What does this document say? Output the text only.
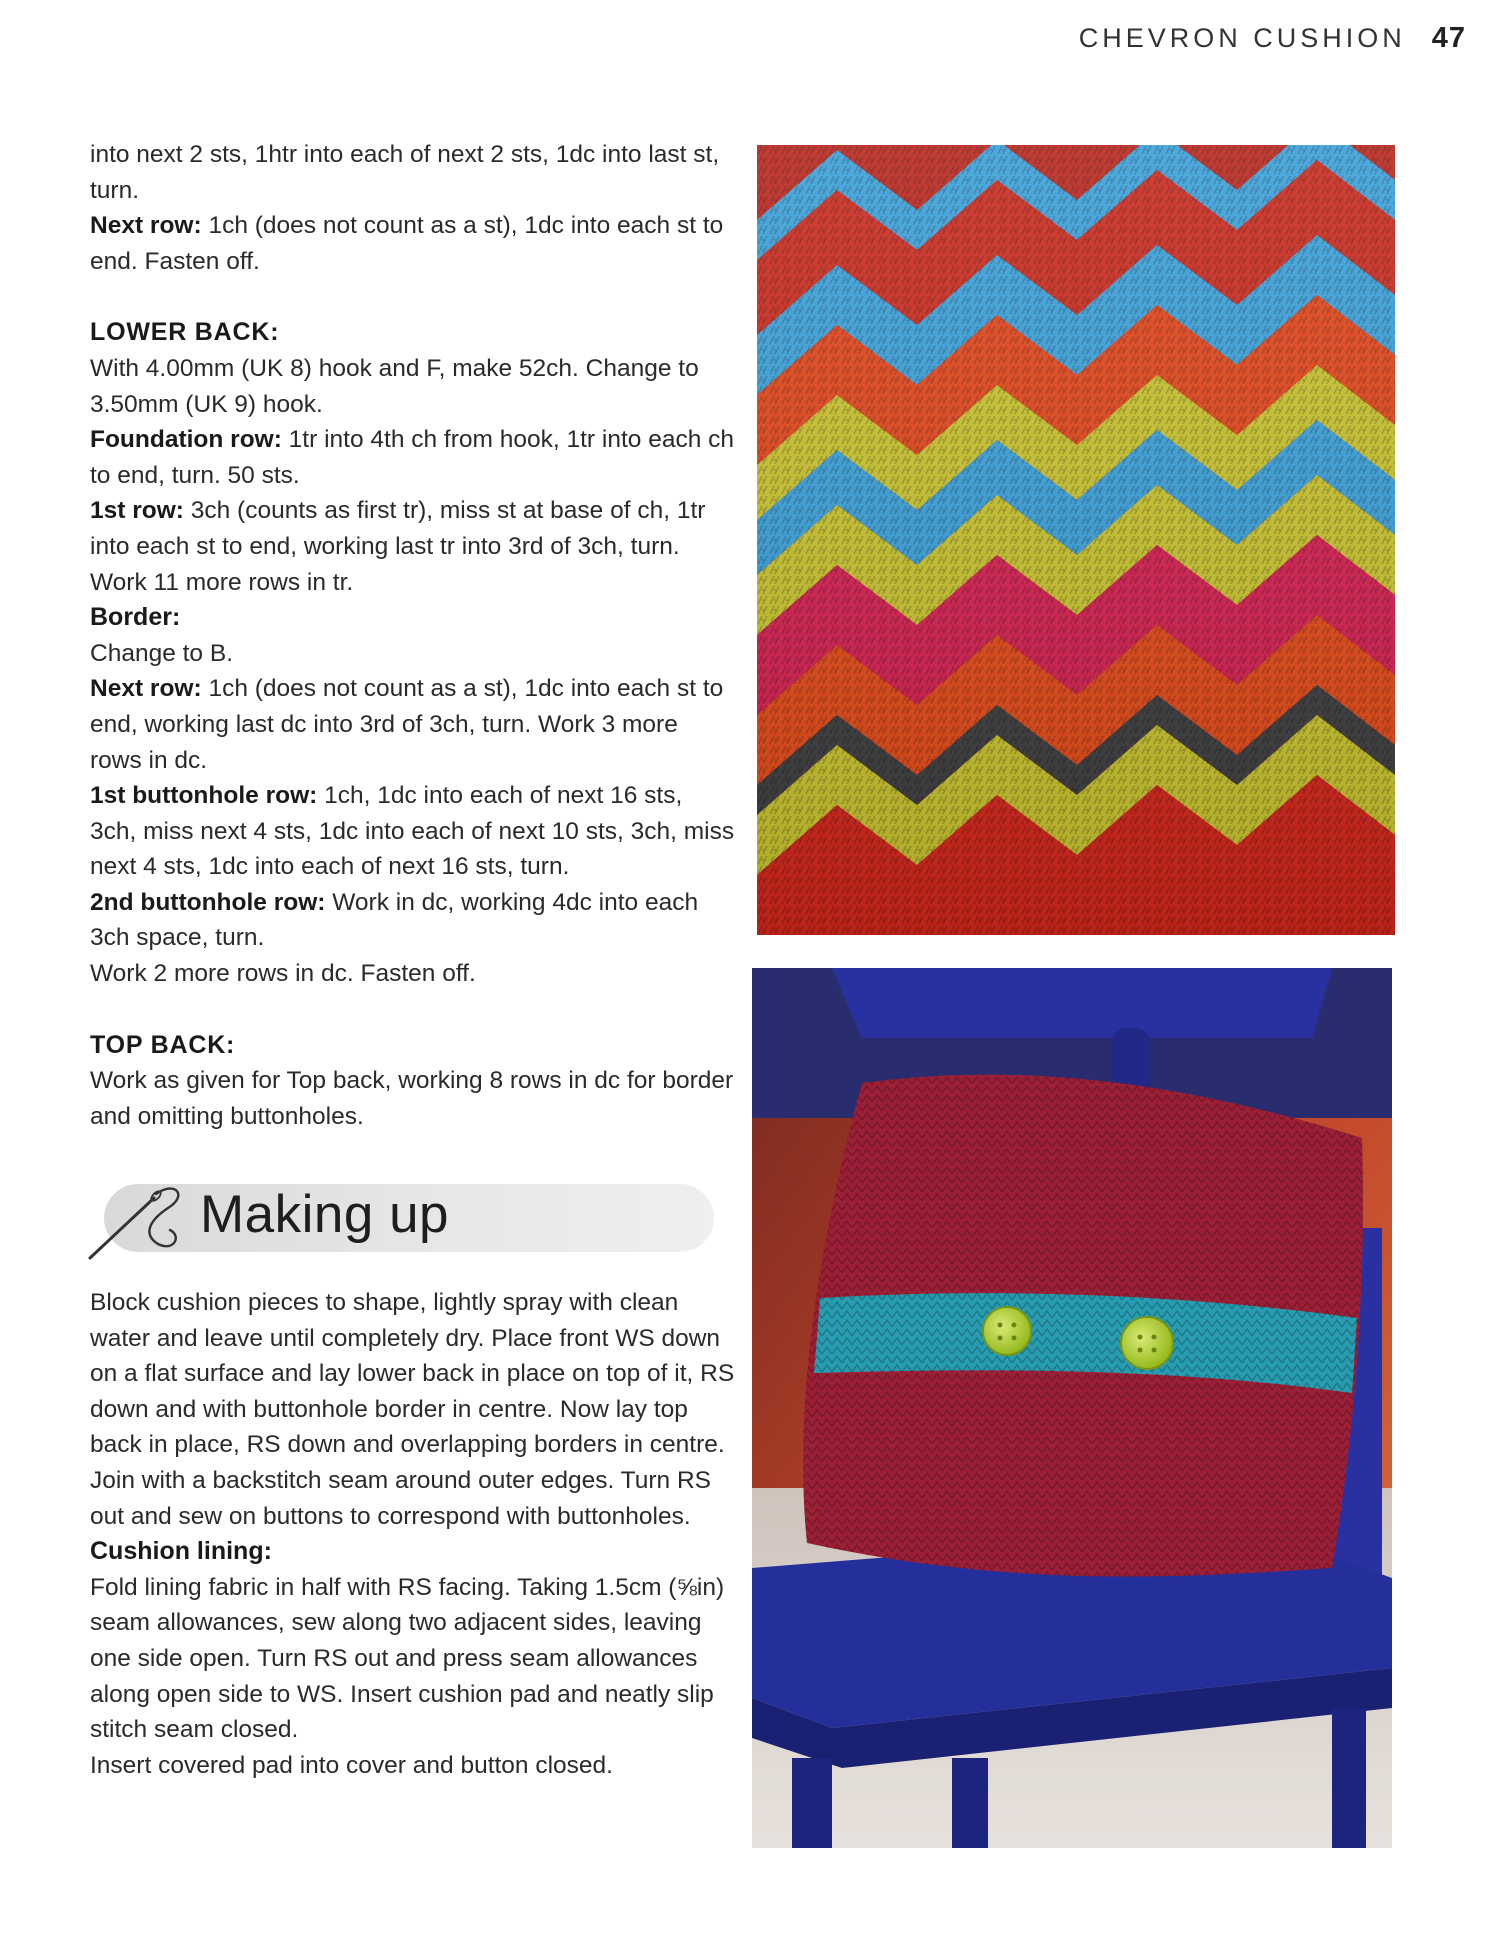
CHEVRON CUSHION 47

into next 2 sts, 1htr into each of next 2 sts, 1dc into last st, turn.

Next row: 1ch (does not count as a st), 1dc into each st to end. Fasten off.

LOWER BACK:

With 4.00mm (UK 8) hook and F, make 52ch. Change to 3.50mm (UK 9) hook.

Foundation row: 1tr into 4th ch from hook, 1tr into each ch to end, turn. 50 sts.

1st row: 3ch (counts as first tr), miss st at base of ch, 1tr into each st to end, working last tr into 3rd of 3ch, turn.

Work 11 more rows in tr.

Border:

Change to B.

Next row: 1ch (does not count as a st), 1dc into each st to end, working last dc into 3rd of 3ch, turn. Work 3 more rows in dc.

1st buttonhole row: 1ch, 1dc into each of next 16 sts, 3ch, miss next 4 sts, 1dc into each of next 10 sts, 3ch, miss next 4 sts, 1dc into each of next 16 sts, turn.

2nd buttonhole row: Work in dc, working 4dc into each 3ch space, turn.

Work 2 more rows in dc. Fasten off.

TOP BACK:

Work as given for Top back, working 8 rows in dc for border and omitting buttonholes.

Making up

Block cushion pieces to shape, lightly spray with clean water and leave until completely dry. Place front WS down on a flat surface and lay lower back in place on top of it, RS down and with buttonhole border in centre. Now lay top back in place, RS down and overlapping borders in centre. Join with a backstitch seam around outer edges. Turn RS out and sew on buttons to correspond with buttonholes.

Cushion lining:

Fold lining fabric in half with RS facing. Taking 1.5cm (⅝in) seam allowances, sew along two adjacent sides, leaving one side open. Turn RS out and press seam allowances along open side to WS. Insert cushion pad and neatly slip stitch seam closed.

Insert covered pad into cover and button closed.
